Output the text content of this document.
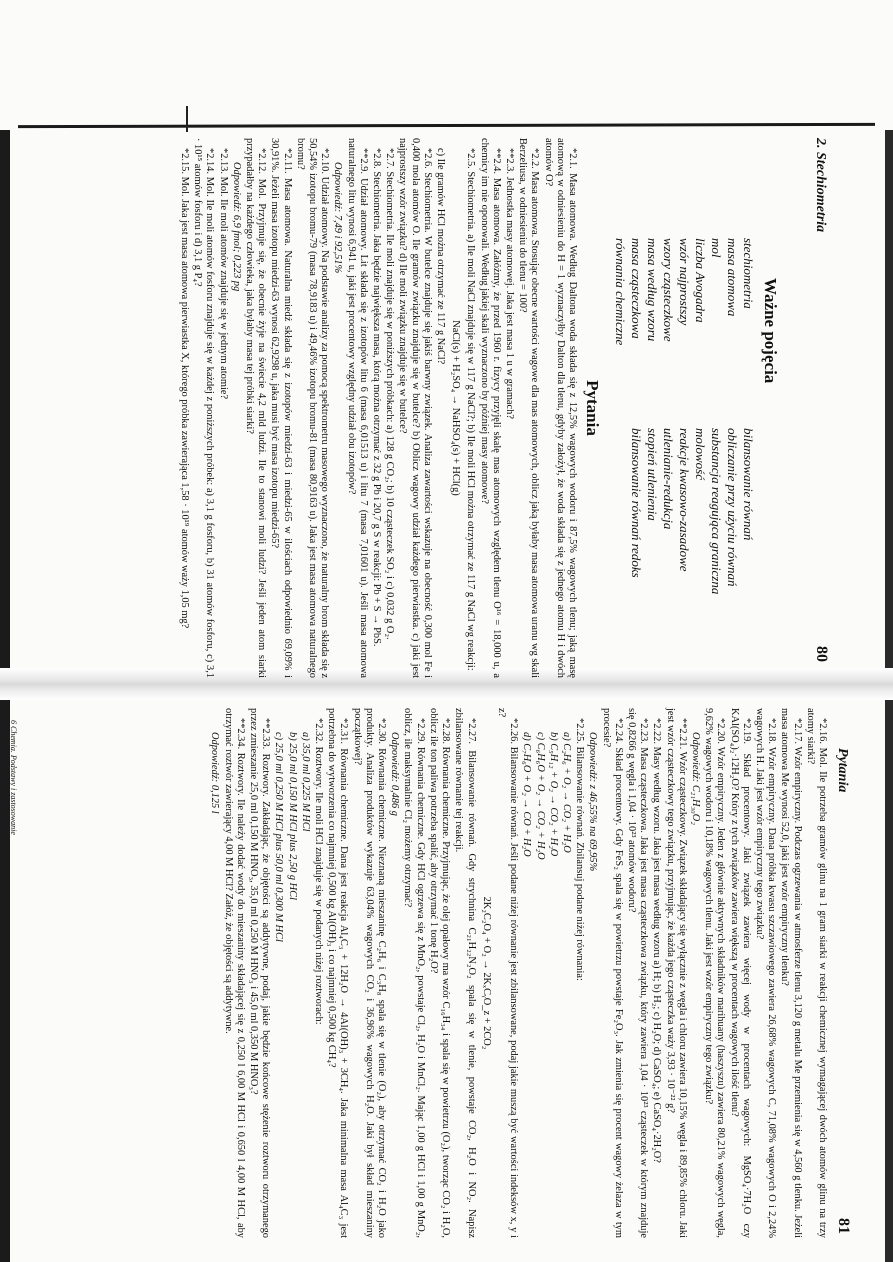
2. Stechiometria
80
Ważne pojęcia
stechiometria
masa atomowa
mol
liczba Avogadra
wzór najprostszy
wzory cząsteczkowe
masa według wzoru
masa cząsteczkowa
równania chemiczne
bilansowanie równań
obliczanie przy użyciu równań
substancja reagująca graniczna
molowość
reakcje kwasowo-zasadowe
utlenianie-redukcja
stopień utlenienia
bilansowanie równań redoks
Pytania

*2.1. Masa atomowa. Według Daltona woda składa się z 12,5% wagowych wodoru i 87,5% wagowych tlenu; jaką masę atomową w odniesieniu do H = 1 wyznaczyłby Dalton dla tlenu, gdyby założył, że woda składa się z jednego atomu H i dwóch atomów O?

*2.2. Masa atomowa. Stosując obecne wartości wagowe dla mas atomowych, oblicz jaką byłaby masa atomowa uranu wg skali Berzeliusa, w odniesieniu do tlenu = 100?

**2.3. Jednostka masy atomowej. Jaka jest masa 1 u w gramach?

**2.4. Masa atomowa. Załóżmy, że przed 1960 r. fizycy przyjęli skalę mas atomowych względem tlenu O¹⁶ = 18,000 u, a chemicy im nie oponowali. Według jakiej skali wyznaczono by później masy atomowe?

*2.5. Stechiometria. a) Ile moli NaCl znajduje się w 117 g NaCl?; b) Ile moli HCl można otrzymać ze 117 g NaCl wg reakcji:

NaCl(s) + H₂SO₄ → NaHSO₄(s) + HCl(g)

c) Ile gramów HCl można otrzymać ze 117 g NaCl?

*2.6. Stechiometria. W butelce znajduje się jakiś barwny związek. Analiza zawartości wskazuje na obecność 0,300 mol Fe i 0,400 mola atomów O. Ile gramów związku znajduje się w butelce? b) Oblicz wagowy udział każdego pierwiastka. c) jaki jest najprostszy wzór związku? d) Ile moli związku znajduje się w butelce?

*2.7. Stechiometria. Ile moli znajduje się w poniższych próbkach: a) 128 g CO₂; b) 10 cząsteczek SO₂ i c) 0,032 g O₂.

*2.8. Stechiometria. Jaka będzie największa masa, którą można otrzymać z 32 g Pb i 20,7 g S w reakcji: Pb + S → PbS.

**2.9. Udział atomowy. Lit składa się z izotopów litu 6 (masa 6,01513 u) i litu 7 (masa 7,01601 u). Jeśli masa atomowa naturalnego litu wynosi 6,941 u, jaki jest procentowy względny udział obu izotopów?

Odpowiedź: 7,49 i 92,51%

*2.10. Udział atomowy. Na podstawie analizy za pomocą spektrometru masowego wyznaczono, że naturalny brom składa się z 50,54% izotopu bromu-79 (masa 78,9183 u) i 49,46% izotopu bromu-81 (masa 80,9163 u). Jaka jest masa atomowa naturalnego bromu?

*2.11. Masa atomowa. Naturalna miedź składa się z izotopów miedzi-63 i miedzi-65 w ilościach odpowiednio 69,09% i 30,91%. Jeżeli masa izotopu miedzi-63 wynosi 62,9298 u, jaka musi być masa izotopu miedzi-65?

*2.12. Mol. Przyjmuje się, że obecnie żyje na świecie 4,2 mld ludzi. Ile to stanowi moli ludzi? Jeśli jeden atom siarki przypadałby na każdego człowieka, jaka byłaby masa tej próbki siarki?

Odpowiedź: 6,9 fmol; 0,223 pg

*2.13. Mol. Ile moli atomów znajduje się w jednym atomie?

*2.14. Mol. Ile moli atomów fosforu znajduje się w każdej z poniższych próbek: a) 3,1 g fosforu, b) 31 atomów fosforu, c) 3,1 · 10¹⁵ atomów fosforu i d) 3,1 g P₄?

*2.15. Mol. Jaka jest masa atomowa pierwiastka X, którego próbka zawierająca 1,58 · 10¹⁹ atomów waży 1,05 mg?

Pytania
81

*2.16. Mol. Ile potrzeba gramów glinu na 1 gram siarki w reakcji chemicznej wymagającej dwóch atomów glinu na trzy atomy siarki?

*2.17. Wzór empiryczny. Podczas ogrzewania w atmosferze tlenu 3,120 g metalu Me przemienia się w 4,560 g tlenku. Jeżeli masa atomowa Me wynosi 52,0, jaki jest wzór empiryczny tlenku?

*2.18. Wzór empiryczny. Dana próbka kwasu szczawiowego zawiera 26,68% wagowych C, 71,08% wagowych O i 2,24% wagowych H. Jaki jest wzór empiryczny tego związku?

*2.19. Skład procentowy. Jaki związek zawiera więcej wody w procentach wagowych: MgSO₄·7H₂O czy KAl(SO₄)₂·12H₂O? Który z tych związków zawiera większą w procentach wagowych ilość tlenu?

*2.20. Wzór empiryczny. Jeden z głównie aktywnych składników marihuany (haszyszu) zawiera 80,21% wagowych węgla, 9,62% wagowych wodoru i 10,18% wagowych tlenu. Jaki jest wzór empiryczny tego związku?

Odpowiedź: C₂₁H₃₀O₂

**2.21. Wzór cząsteczkowy. Związek składający się wyłącznie z węgla i chloru zawiera 10,15% węgla i 89,85% chloru. Jaki jest wzór cząsteczkowy tego związku, przyjmując, że każda jego cząsteczka waży 3,93 · 10⁻²² g?

*2.22. Masy według wzoru. Jaka jest masa według wzoru a) H; b) H₂; c) H₂O; d) CaSO₄; e) CaSO₄·2H₂O?

*2.23. Masa cząsteczkowa. Jaka jest masa cząsteczkowa związku, który zawiera 1,04 · 10²³ cząsteczek w którym znajduje się 0,8266 g węgla i 1,04 · 10²³ atomów wodoru?

*2.24. Skład procentowy. Gdy FeS₂ spala się w powietrzu powstaje Fe₂O₃. Jak zmienia się procent wagowy żelaza w tym procesie?

Odpowiedź: z 46,55% na 69,95%

*2.25. Bilansowanie równań. Zbilansuj podane niżej równania:

a) C₂H₆ + O₂ → CO₂ + H₂O

b) C₅H₁₂ + O₂ → CO₂ + H₂O

c) C₆H₆O + O₂ → CO₂ + H₂O

d) C₇H₆O + O₂ → CO + H₂O

*2.26. Bilansowanie równań. Jeśli podane niżej równanie jest zbilansowane, podaj jakie muszą być wartości indeksów x, y i z?

2K₂C₂O₄ + O₂ → 2KₓCᵧO_z + 2CO₂

*2.27. Bilansowanie równań. Gdy strychnina C₂₁H₂₂N₂O₂ spala się w tlenie, powstaje CO₂, H₂O i NO₂. Napisz zbilansowane równanie tej reakcji.

*2.28. Równania chemiczne. Przyjmując, że olej opałowy ma wzór C₁₆H₃₄ i spala się w powietrzu (O₂), tworząc CO₂ i H₂O, oblicz ile ton paliwa potrzeba spalić, aby otrzymać 1 tonę H₂O?

*2.29. Równania chemiczne. Gdy HCl ogrzewa się z MnO₂, powstaje Cl₂, H₂O i MnCl₂. Mając 1,00 g HCl i 1,00 g MnO₂, oblicz, ile maksymalnie Cl₂ możemy otrzymać?

Odpowiedź: 0,486 g

*2.30. Równania chemiczne. Nieznaną mieszaninę C₂H₆ i C₃H₈ spala się w tlenie (O₂), aby otrzymać CO₂ i H₂O jako produkty. Analiza produktów wykazuje 63,04% wagowych CO₂ i 36,96% wagowych H₂O. Jaki był skład mieszaniny początkowej?

*2.31. Równania chemiczne. Dana jest reakcja Al₄C₃ + 12H₂O → 4Al(OH)₃ + 3CH₄. Jaka minimalna masa Al₄C₃ jest potrzebna do wytworzenia co najmniej 0,500 kg Al(OH)₃ i co najmniej 0,500 kg CH₄?

*2.32. Roztwory. Ile moli HCl znajduje się w podanych niżej roztworach:

a) 35,0 ml 0,225 M HCl

b) 25,0 ml 0,150 M HCl plus 2,50 g HCl

c) 25,0 ml 0,250 M HCl plus 50,0 ml 0,300 M HCl

**2.33. Roztwory. Zakładając, że objętości są addytywne, podaj, jakie będzie końcowe stężenie roztworu otrzymanego przez zmieszanie 25,0 ml 0,150 M HNO₃, 35,0 ml 0,250 M HNO₃ i 45,0 ml 0,350 M HNO₃?

**2.34. Roztwory. Ile należy dodać wody do mieszaniny składającej się z 0,250 l 6,00 M HCl i 0,650 l 4,00 M HCl, aby otrzymać roztwór zawierający 4,00 M HCl? Załóż, że objętości są addytywne.

Odpowiedź: 0,125 l

6 Chemia. Podstawy i zastosowanie
